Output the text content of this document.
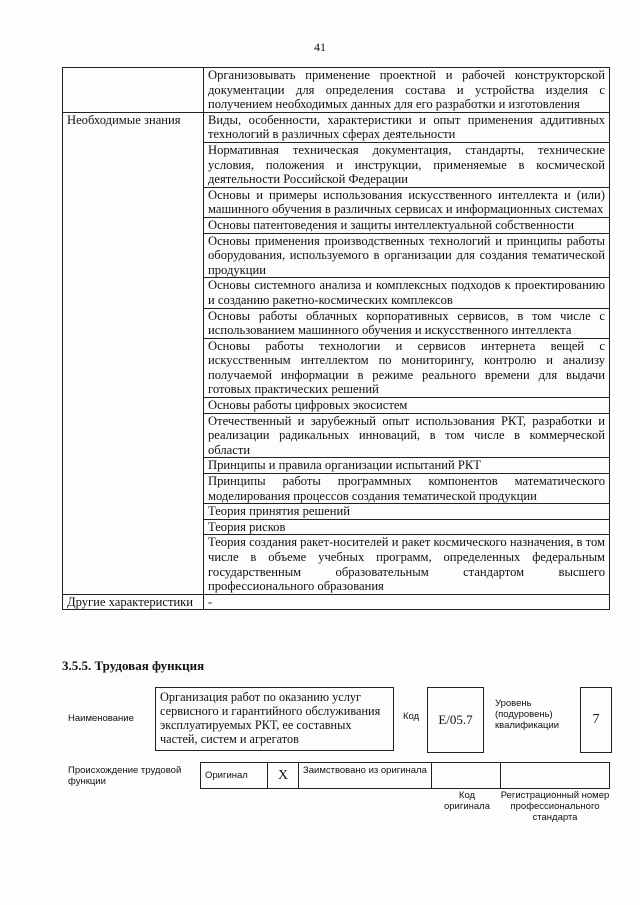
41
	Организовывать применение проектной и рабочей конструкторской документации для определения состава и устройства изделия с получением необходимых данных для его разработки и изготовления
Необходимые знания	Виды, особенности, характеристики и опыт применения аддитивных технологий в различных сферах деятельности
	Нормативная техническая документация, стандарты, технические условия, положения и инструкции, применяемые в космической деятельности Российской Федерации
	Основы и примеры использования искусственного интеллекта и (или) машинного обучения в различных сервисах и информационных системах
	Основы патентоведения и защиты интеллектуальной собственности
	Основы применения производственных технологий и принципы работы оборудования, используемого в организации для создания тематической продукции
	Основы системного анализа и комплексных подходов к проектированию и созданию ракетно-космических комплексов
	Основы работы облачных корпоративных сервисов, в том числе с использованием машинного обучения и искусственного интеллекта
	Основы работы технологии и сервисов интернета вещей с искусственным интеллектом по мониторингу, контролю и анализу получаемой информации в режиме реального времени для выдачи готовых практических решений
	Основы работы цифровых экосистем
	Отечественный и зарубежный опыт использования РКТ, разработки и реализации радикальных инноваций, в том числе в коммерческой области
	Принципы и правила организации испытаний РКТ
	Принципы работы программных компонентов математического моделирования процессов создания тематической продукции
	Теория принятия решений
	Теория рисков
	Теория создания ракет-носителей и ракет космического назначения, в том числе в объеме учебных программ, определенных федеральным государственным образовательным стандартом высшего профессионального образования
Другие характеристики	-
3.5.5. Трудовая функция
Наименование
Организация работ по оказанию услуг сервисного и гарантийного обслуживания эксплуатируемых РКТ, ее составных частей, систем и агрегатов
Код	E/05.7
Уровень (подуровень) квалификации	7
Происхождение трудовой функции
Оригинал	X	Заимствовано из оригинала		
Код оригинала
Регистрационный номер профессионального стандарта
